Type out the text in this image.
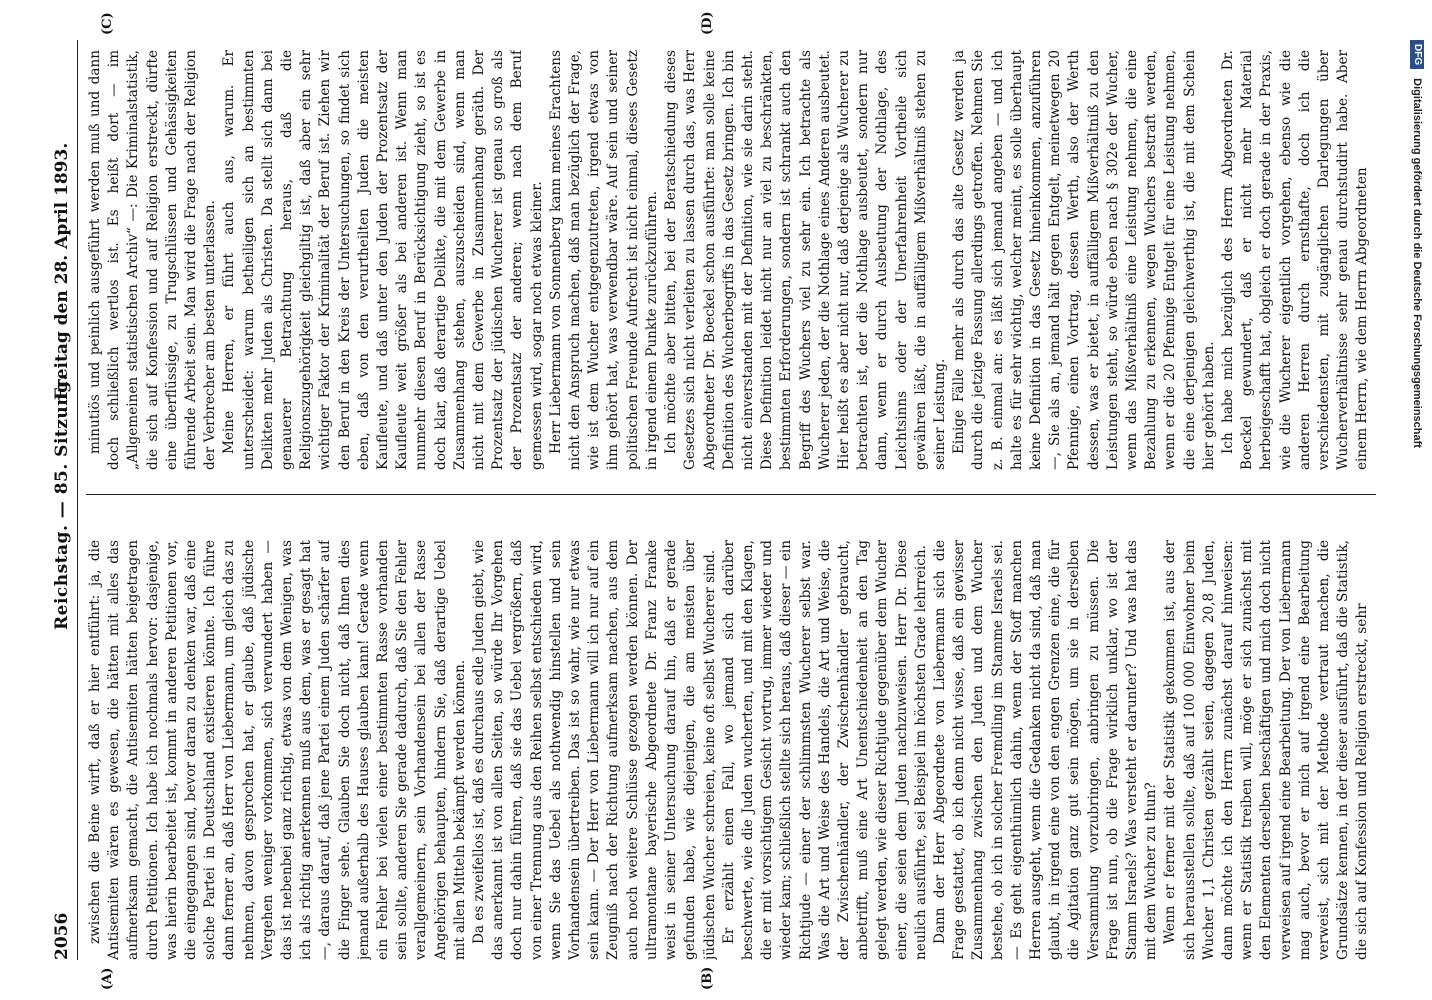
2056
Reichstag. — 85. Sitzung.
Freitag den 28. April 1893.
(A)	(B)
(C)	(D)

zwischen die Beine wirft, daß er hier entführt: ja, die Antisemiten wären es gewesen, die hätten mit alles das aufmerksam gemacht, die Antisemiten hätten beigetragen durch Petitionen. Ich habe ich nochmals hervor: dasjenige, was hierin bearbeitet ist, kommt in anderen Petitionen vor, die eingegangen sind, bevor daran zu denken war, daß eine solche Partei in Deutschland existieren könnte. Ich führe dann ferner an, daß Herr von Liebermann, um gleich das zu nehmen, davon gesprochen hat, er glaube, daß jüdische Vergehen weniger vorkommen, sich verwundert haben — das ist nebenbei ganz richtig, etwas von dem Wenigen, was ich als richtig anerkennen muß aus dem, was er gesagt hat —, daraus darauf, daß jene Partei einem Juden schärfer auf die Finger sehe. Glauben Sie doch nicht, daß Ihnen dies jemand außerhalb des Hauses glauben kann! Gerade wenn ein Fehler bei vielen einer bestimmten Rasse vorhanden sein sollte, anderen Sie gerade dadurch, daß Sie den Fehler verallgemeinern, sein Vorhandensein bei allen der Rasse Angehörigen behaupten, hindern Sie, daß derartige Uebel mit allen Mitteln bekämpft werden können. Da es zweifellos ist, daß es durchaus edle Juden giebt, wie das anerkannt ist von allen Seiten, so würde Ihr Vorgehen doch nur dahin führen, daß sie das Uebel vergrößern, daß von einer Trennung aus den Reihen selbst entschieden wird, wenn Sie das Uebel als nothwendig hinstellen und sein Vorhandensein übertreiben. Das ist so wahr, wie nur etwas sein kann. — Der Herr von Liebermann will ich nur auf ein Zeugniß nach der Richtung aufmerksam machen, aus dem auch noch weitere Schlüsse gezogen werden können. Der ultramontane bayerische Abgeordnete Dr. Franz Franke weist in seiner Untersuchung darauf hin, daß er gerade gefunden habe, wie diejenigen, die am meisten über jüdischen Wucher schreien, keine oft selbst Wucherer sind. Er erzählt einen Fall, wo jemand sich darüber beschwerte, wie die Juden wucherten, und mit den Klagen, die er mit vorsichtigem Gesicht vortrug, immer wieder und wieder kam; schließlich stellte sich heraus, daß dieser — ein Richtjude — einer der schlimmsten Wucherer selbst war. Was die Art und Weise des Handels, die Art und Weise, die der Zwischenhändler, der Zwischenhändler gebraucht, anbetrifft, muß eine Art Unentschiedenheit an den Tag gelegt werden, wie dieser Richtjude gegenüber dem Wucher einer, die seien dem Juden nachzuweisen. Herr Dr. Diese neulich ausführte, sei Beispiel im höchsten Grade lehrreich. Dann der Herr Abgeordnete von Liebermann sich die Frage gestattet, ob ich denn nicht wisse, daß ein gewisser Zusammenhang zwischen den Juden und dem Wucher bestehe, ob ich in solcher Fremdling im Stamme Israels sei. — Es geht eigenthümlich dahin, wenn der Stoff manchen Herren ausgeht, wenn die Gedanken nicht da sind, daß man glaubt, in irgend eine von den engen Grenzen eine, die für die Agitation ganz gut sein mögen, um sie in derselben Versammlung vorzubringen, anbringen zu müssen. Die Frage ist nun, ob die Frage wirklich unklar, wo ist der Stamm Israels? Was versteht er darunter? Und was hat das mit dem Wucher zu thun? Wenn er ferner mit der Statistik gekommen ist, aus der sich herausstellen sollte, daß auf 100 000 Einwohner beim Wucher 1,1 Christen gezählt seien, dagegen 20,8 Juden, dann möchte ich den Herrn zunächst darauf hinweisen: wenn er Statistik treiben will, möge er sich zunächst mit den Elementen derselben beschäftigen und mich doch nicht verweisen auf irgend eine Bearbeitung. Der von Liebermann mag auch, bevor er mich auf irgend eine Bearbeitung verweist, sich mit der Methode vertraut machen, die Grundsätze kennen, in der dieser ausführt, daß die Statistik, die sich auf Konfession und Religion erstreckt, sehr

minutiös und peinlich ausgeführt werden muß und dann doch schließlich wertlos ist. Es heißt dort — im „Allgemeinen statistischen Archiv“ —: Die Kriminalstatistik, die sich auf Konfession und auf Religion erstreckt, dürfte eine überflüssige, zu Trugschlüssen und Gehässigkeiten führende Arbeit sein. Man wird die Frage nach der Religion der Verbrecher am besten unterlassen. Meine Herren, er führt auch aus, warum. Er unterscheidet: warum betheiligen sich an bestimmten Delikten mehr Juden als Christen. Da stellt sich dann bei genauerer Betrachtung heraus, daß die Religionszugehörigkeit gleichgiltig ist, daß aber ein sehr wichtiger Faktor der Kriminalität der Beruf ist. Ziehen wir den Beruf in den Kreis der Untersuchungen, so findet sich eben, daß von den verurtheilten Juden die meisten Kaufleute, und daß unter den Juden der Prozentsatz der Kaufleute weit größer als bei anderen ist. Wenn man nunmehr diesen Beruf in Berücksichtigung zieht, so ist es doch klar, daß derartige Delikte, die mit dem Gewerbe in Zusammenhang stehen, auszuscheiden sind, wenn man nicht mit dem Gewerbe in Zusammenhang geräth. Der Prozentsatz der jüdischen Wucherer ist genau so groß als der Prozentsatz der anderen; wenn nach dem Beruf gemessen wird, sogar noch etwas kleiner. Herr Liebermann von Sonnenberg kann meines Erachtens nicht den Anspruch machen, daß man bezüglich der Frage, wie ist dem Wucher entgegenzutreten, irgend etwas von ihm gehört hat, was verwendbar wäre. Auf sein und seiner politischen Freunde Aufrecht ist nicht einmal, dieses Gesetz in irgend einem Punkte zurückzuführen. Ich möchte aber bitten, bei der Beratschiedung dieses Gesetzes sich nicht verleiten zu lassen durch das, was Herr Abgeordneter Dr. Boeckel schon ausführte: man solle keine Definition des Wucherbegriffs in das Gesetz bringen. Ich bin nicht einverstanden mit der Definition, wie sie darin steht. Diese Definition leidet nicht nur an viel zu beschränkten, bestimmten Erforderungen, sondern ist schrankt auch den Begriff des Wuchers viel zu sehr ein. Ich betrachte als Wucherer jeden, der die Nothlage eines Anderen ausbeutet. Hier heißt es aber nicht nur, daß derjenige als Wucherer zu betrachten ist, der die Nothlage ausbeutet, sondern nur dann, wenn er durch Ausbeutung der Nothlage, des Leichtsinns oder der Unerfahrenheit Vortheile sich gewähren läßt, die in auffälligem Mißverhältniß stehen zu seiner Leistung. Einige Fälle mehr als durch das alte Gesetz werden ja durch die jetzige Fassung allerdings getroffen. Nehmen Sie z. B. einmal an: es läßt sich jemand angeben — und ich halte es für sehr wichtig, welcher meint, es solle überhaupt keine Definition in das Gesetz hineinkommen, anzuführen —, Sie als an, jemand hält gegen Entgelt, meinetwegen 20 Pfennige, einen Vortrag, dessen Werth, also der Werth dessen, was er bietet, in auffälligem Mißverhältniß zu den Leistungen steht, so würde eben nach § 302e der Wucher, wenn das Mißverhältniß eine Leistung nehmen, die eine Bezahlung zu erkennen, wegen Wuchers bestraft werden, wenn er die 20 Pfennige Entgelt für eine Leistung nehmen, die eine derjenigen gleichwerthig ist, die mit dem Schein hier gehört haben. Ich habe mich bezüglich des Herrn Abgeordneten Dr. Boeckel gewundert, daß er nicht mehr Material herbeigeschafft hat, obgleich er doch gerade in der Praxis, wie die Wucherer eigentlich vorgehen, ebenso wie die anderen Herren durch ernsthafte, doch ich die verschiedensten, mit zugänglichen Darlegungen über Wucherverhältnisse sehr genau durchstudirt habe. Aber einem Herrn, wie dem Herrn Abgeordneten

DFG Digitalisierung gefördert durch die Deutsche Forschungsgemeinschaft
